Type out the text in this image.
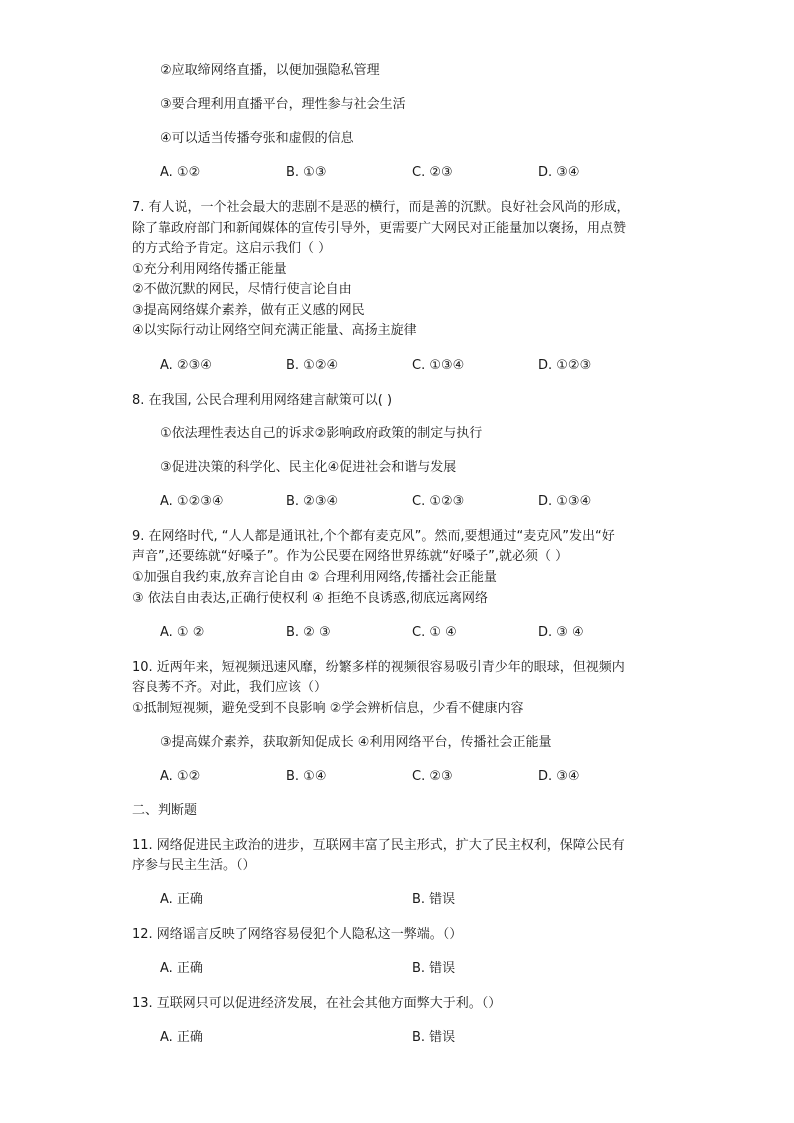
②应取缔网络直播，以便加强隐私管理
③要合理利用直播平台，理性参与社会生活
④可以适当传播夸张和虚假的信息
A. ①②	B. ①③	C. ②③	D. ③④
7. 有人说，一个社会最大的悲剧不是恶的横行，而是善的沉默。良好社会风尚的形成，
除了靠政府部门和新闻媒体的宣传引导外，更需要广大网民对正能量加以褒扬，用点赞
的方式给予肯定。这启示我们（ ）
①充分利用网络传播正能量
②不做沉默的网民，尽情行使言论自由
③提高网络媒介素养，做有正义感的网民
④以实际行动让网络空间充满正能量、高扬主旋律
A. ②③④	B. ①②④	C. ①③④	D. ①②③
8. 在我国, 公民合理利用网络建言献策可以( )
①依法理性表达自己的诉求②影响政府政策的制定与执行
③促进决策的科学化、民主化④促进社会和谐与发展
A. ①②③④	B. ②③④	C. ①②③	D. ①③④
9. 在网络时代, “人人都是通讯社,个个都有麦克风”。然而,要想通过“麦克风”发出“好
声音”,还要练就“好嗓子”。作为公民要在网络世界练就“好嗓子”,就必须（ ）
①加强自我约束,放弃言论自由 ② 合理利用网络,传播社会正能量
③ 依法自由表达,正确行使权利 ④ 拒绝不良诱惑,彻底远离网络
A. ① ②	B. ② ③	C. ① ④	D. ③ ④
10. 近两年来，短视频迅速风靡，纷繁多样的视频很容易吸引青少年的眼球，但视频内
容良莠不齐。对此，我们应该（）
①抵制短视频，避免受到不良影响 ②学会辨析信息，少看不健康内容
③提高媒介素养，获取新知促成长 ④利用网络平台，传播社会正能量
A. ①②	B. ①④	C. ②③	D. ③④
二、判断题
11. 网络促进民主政治的进步，互联网丰富了民主形式，扩大了民主权利，保障公民有
序参与民主生活。（）
A. 正确	B. 错误
12. 网络谣言反映了网络容易侵犯个人隐私这一弊端。（）
A. 正确	B. 错误
13. 互联网只可以促进经济发展，在社会其他方面弊大于利。（）
A. 正确	B. 错误
